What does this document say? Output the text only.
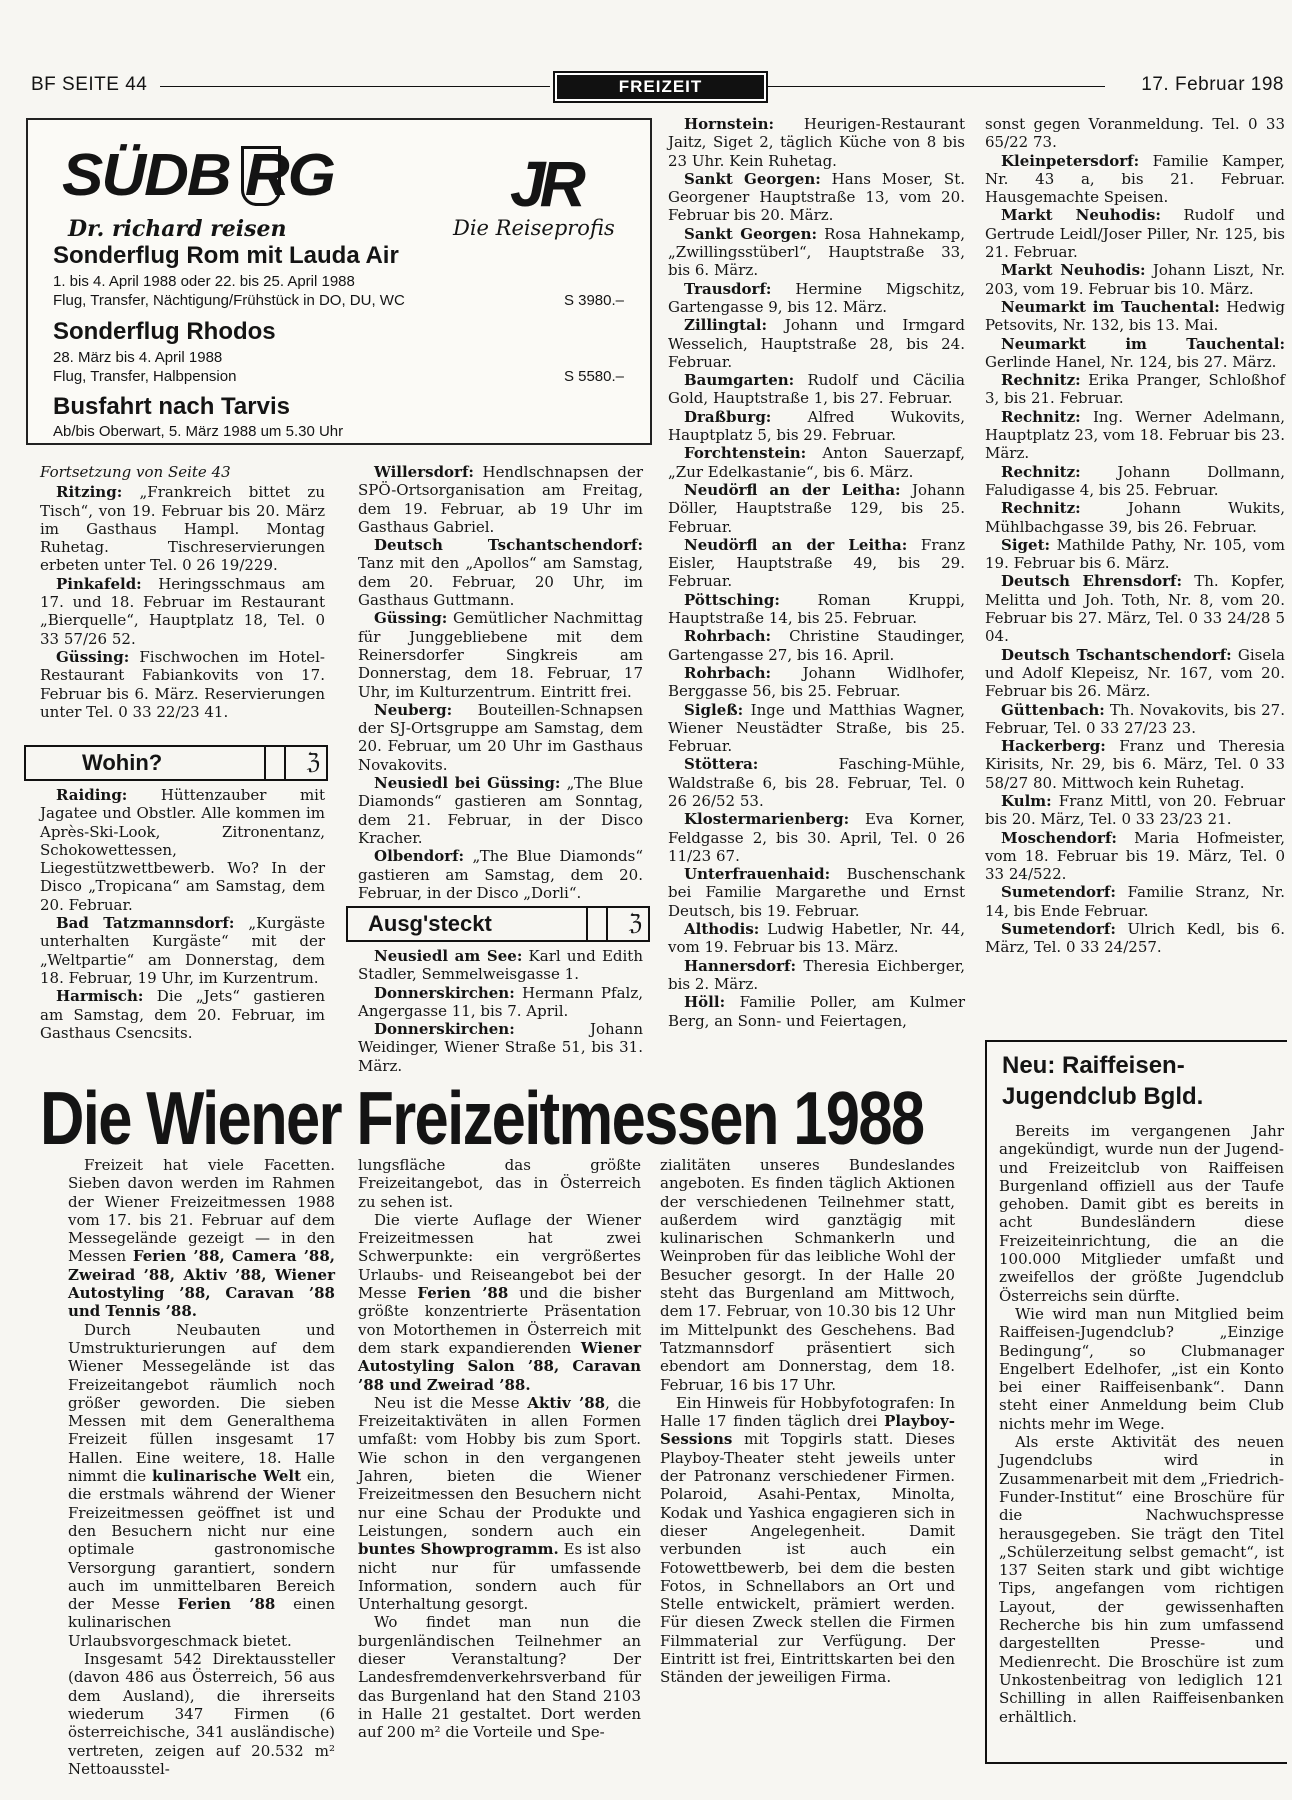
BF SEITE 44	FREIZEIT	17. Februar 198
SÜDB RG	JR
Dr. richard reisen	Die Reiseprofis
Sonderflug Rom mit Lauda Air
1. bis 4. April 1988 oder 22. bis 25. April 1988
Flug, Transfer, Nächtigung/Frühstück in DO, DU, WC	S 3980.–
Sonderflug Rhodos
28. März bis 4. April 1988
Flug, Transfer, Halbpension	S 5580.–
Busfahrt nach Tarvis
Ab/bis Oberwart, 5. März 1988 um 5.30 Uhr

Fortsetzung von Seite 43

Ritzing: „Frankreich bittet zu Tisch“, von 19. Februar bis 20. März im Gasthaus Hampl. Montag Ruhetag. Tischreservierungen erbeten unter Tel. 0 26 19/229.

Pinkafeld: Heringsschmaus am 17. und 18. Februar im Restaurant „Bierquelle“, Hauptplatz 18, Tel. 0 33 57/26 52.

Güssing: Fischwochen im Hotel-Restaurant Fabiankovits von 17. Februar bis 6. März. Reservierungen unter Tel. 0 33 22/23 41.

Wohin?	ℨ

Raiding: Hüttenzauber mit Jagatee und Obstler. Alle kommen im Après-Ski-Look, Zitronentanz, Schokowettessen, Liegestützwettbewerb. Wo? In der Disco „Tropicana“ am Samstag, dem 20. Februar.

Bad Tatzmannsdorf: „Kurgäste unterhalten Kurgäste“ mit der „Weltpartie“ am Donnerstag, dem 18. Februar, 19 Uhr, im Kurzentrum.

Harmisch: Die „Jets“ gastieren am Samstag, dem 20. Februar, im Gasthaus Csencsits.

Willersdorf: Hendlschnapsen der SPÖ-Ortsorganisation am Freitag, dem 19. Februar, ab 19 Uhr im Gasthaus Gabriel.

Deutsch Tschantschendorf: Tanz mit den „Apollos“ am Samstag, dem 20. Februar, 20 Uhr, im Gasthaus Guttmann.

Güssing: Gemütlicher Nachmittag für Junggebliebene mit dem Reinersdorfer Singkreis am Donnerstag, dem 18. Februar, 17 Uhr, im Kulturzentrum. Eintritt frei.

Neuberg: Bouteillen-Schnapsen der SJ-Ortsgruppe am Samstag, dem 20. Februar, um 20 Uhr im Gasthaus Novakovits.

Neusiedl bei Güssing: „The Blue Diamonds“ gastieren am Sonntag, dem 21. Februar, in der Disco Kracher.

Olbendorf: „The Blue Diamonds“ gastieren am Samstag, dem 20. Februar, in der Disco „Dorli“.

Ausg'steckt	ℨ

Neusiedl am See: Karl und Edith Stadler, Semmelweisgasse 1.

Donnerskirchen: Hermann Pfalz, Angergasse 11, bis 7. April.

Donnerskirchen: Johann Weidinger, Wiener Straße 51, bis 31. März.

Hornstein: Heurigen-Restaurant Jaitz, Siget 2, täglich Küche von 8 bis 23 Uhr. Kein Ruhetag.

Sankt Georgen: Hans Moser, St. Georgener Hauptstraße 13, vom 20. Februar bis 20. März.

Sankt Georgen: Rosa Hahnekamp, „Zwillingsstüberl“, Hauptstraße 33, bis 6. März.

Trausdorf: Hermine Migschitz, Gartengasse 9, bis 12. März.

Zillingtal: Johann und Irmgard Wesselich, Hauptstraße 28, bis 24. Februar.

Baumgarten: Rudolf und Cäcilia Gold, Hauptstraße 1, bis 27. Februar.

Draßburg: Alfred Wukovits, Hauptplatz 5, bis 29. Februar.

Forchtenstein: Anton Sauerzapf, „Zur Edelkastanie“, bis 6. März.

Neudörfl an der Leitha: Johann Döller, Hauptstraße 129, bis 25. Februar.

Neudörfl an der Leitha: Franz Eisler, Hauptstraße 49, bis 29. Februar.

Pöttsching: Roman Kruppi, Hauptstraße 14, bis 25. Februar.

Rohrbach: Christine Staudinger, Gartengasse 27, bis 16. April.

Rohrbach: Johann Widlhofer, Berggasse 56, bis 25. Februar.

Sigleß: Inge und Matthias Wagner, Wiener Neustädter Straße, bis 25. Februar.

Stöttera: Fasching-Mühle, Waldstraße 6, bis 28. Februar, Tel. 0 26 26/52 53.

Klostermarienberg: Eva Korner, Feldgasse 2, bis 30. April, Tel. 0 26 11/23 67.

Unterfrauenhaid: Buschenschank bei Familie Margarethe und Ernst Deutsch, bis 19. Februar.

Althodis: Ludwig Habetler, Nr. 44, vom 19. Februar bis 13. März.

Hannersdorf: Theresia Eichberger, bis 2. März.

Höll: Familie Poller, am Kulmer Berg, an Sonn- und Feiertagen,

sonst gegen Voranmeldung. Tel. 0 33 65/22 73.

Kleinpetersdorf: Familie Kamper, Nr. 43 a, bis 21. Februar. Hausgemachte Speisen.

Markt Neuhodis: Rudolf und Gertrude Leidl/Joser Piller, Nr. 125, bis 21. Februar.

Markt Neuhodis: Johann Liszt, Nr. 203, vom 19. Februar bis 10. März.

Neumarkt im Tauchental: Hedwig Petsovits, Nr. 132, bis 13. Mai.

Neumarkt im Tauchental: Gerlinde Hanel, Nr. 124, bis 27. März.

Rechnitz: Erika Pranger, Schloßhof 3, bis 21. Februar.

Rechnitz: Ing. Werner Adelmann, Hauptplatz 23, vom 18. Februar bis 23. März.

Rechnitz: Johann Dollmann, Faludigasse 4, bis 25. Februar.

Rechnitz: Johann Wukits, Mühlbachgasse 39, bis 26. Februar.

Siget: Mathilde Pathy, Nr. 105, vom 19. Februar bis 6. März.

Deutsch Ehrensdorf: Th. Kopfer, Melitta und Joh. Toth, Nr. 8, vom 20. Februar bis 27. März, Tel. 0 33 24/28 5 04.

Deutsch Tschantschendorf: Gisela und Adolf Klepeisz, Nr. 167, vom 20. Februar bis 26. März.

Güttenbach: Th. Novakovits, bis 27. Februar, Tel. 0 33 27/23 23.

Hackerberg: Franz und Theresia Kirisits, Nr. 29, bis 6. März, Tel. 0 33 58/27 80. Mittwoch kein Ruhetag.

Kulm: Franz Mittl, von 20. Februar bis 20. März, Tel. 0 33 23/23 21.

Moschendorf: Maria Hofmeister, vom 18. Februar bis 19. März, Tel. 0 33 24/522.

Sumetendorf: Familie Stranz, Nr. 14, bis Ende Februar.

Sumetendorf: Ulrich Kedl, bis 6. März, Tel. 0 33 24/257.

Die Wiener Freizeitmessen 1988

Freizeit hat viele Facetten. Sieben davon werden im Rahmen der Wiener Freizeitmessen 1988 vom 17. bis 21. Februar auf dem Messegelände gezeigt — in den Messen Ferien ’88, Camera ’88, Zweirad ’88, Aktiv ’88, Wiener Autostyling ’88, Caravan ’88 und Tennis ’88.

Durch Neubauten und Umstrukturierungen auf dem Wiener Messegelände ist das Freizeitangebot räumlich noch größer geworden. Die sieben Messen mit dem Generalthema Freizeit füllen insgesamt 17 Hallen. Eine weitere, 18. Halle nimmt die kulinarische Welt ein, die erstmals während der Wiener Freizeitmessen geöffnet ist und den Besuchern nicht nur eine optimale gastronomische Versorgung garantiert, sondern auch im unmittelbaren Bereich der Messe Ferien ’88 einen kulinarischen Urlaubsvorgeschmack bietet.

Insgesamt 542 Direktaussteller (davon 486 aus Österreich, 56 aus dem Ausland), die ihrerseits wiederum 347 Firmen (6 österreichische, 341 ausländische) vertreten, zeigen auf 20.532 m² Nettoausstel-

lungsfläche das größte Freizeitangebot, das in Österreich zu sehen ist.

Die vierte Auflage der Wiener Freizeitmessen hat zwei Schwerpunkte: ein vergrößertes Urlaubs- und Reiseangebot bei der Messe Ferien ’88 und die bisher größte konzentrierte Präsentation von Motorthemen in Österreich mit dem stark expandierenden Wiener Autostyling Salon ’88, Caravan ’88 und Zweirad ’88.

Neu ist die Messe Aktiv ’88, die Freizeitaktiväten in allen Formen umfaßt: vom Hobby bis zum Sport. Wie schon in den vergangenen Jahren, bieten die Wiener Freizeitmessen den Besuchern nicht nur eine Schau der Produkte und Leistungen, sondern auch ein buntes Showprogramm. Es ist also nicht nur für umfassende Information, sondern auch für Unterhaltung gesorgt.

Wo findet man nun die burgenländischen Teilnehmer an dieser Veranstaltung? Der Landesfremdenverkehrsverband für das Burgenland hat den Stand 2103 in Halle 21 gestaltet. Dort werden auf 200 m² die Vorteile und Spe-

zialitäten unseres Bundeslandes angeboten. Es finden täglich Aktionen der verschiedenen Teilnehmer statt, außerdem wird ganztägig mit kulinarischen Schmankerln und Weinproben für das leibliche Wohl der Besucher gesorgt. In der Halle 20 steht das Burgenland am Mittwoch, dem 17. Februar, von 10.30 bis 12 Uhr im Mittelpunkt des Geschehens. Bad Tatzmannsdorf präsentiert sich ebendort am Donnerstag, dem 18. Februar, 16 bis 17 Uhr.

Ein Hinweis für Hobbyfotografen: In Halle 17 finden täglich drei Playboy-Sessions mit Topgirls statt. Dieses Playboy-Theater steht jeweils unter der Patronanz verschiedener Firmen. Polaroid, Asahi-Pentax, Minolta, Kodak und Yashica engagieren sich in dieser Angelegenheit. Damit verbunden ist auch ein Fotowettbewerb, bei dem die besten Fotos, in Schnellabors an Ort und Stelle entwickelt, prämiert werden. Für diesen Zweck stellen die Firmen Filmmaterial zur Verfügung. Der Eintritt ist frei, Eintrittskarten bei den Ständen der jeweiligen Firma.

Neu: Raiffeisen-
Jugendclub Bgld.

Bereits im vergangenen Jahr angekündigt, wurde nun der Jugend- und Freizeitclub von Raiffeisen Burgenland offiziell aus der Taufe gehoben. Damit gibt es bereits in acht Bundesländern diese Freizeiteinrichtung, die an die 100.000 Mitglieder umfaßt und zweifellos der größte Jugendclub Österreichs sein dürfte.

Wie wird man nun Mitglied beim Raiffeisen-Jugendclub? „Einzige Bedingung“, so Clubmanager Engelbert Edelhofer, „ist ein Konto bei einer Raiffeisenbank“. Dann steht einer Anmeldung beim Club nichts mehr im Wege.

Als erste Aktivität des neuen Jugendclubs wird in Zusammenarbeit mit dem „Friedrich-Funder-Institut“ eine Broschüre für die Nachwuchspresse herausgegeben. Sie trägt den Titel „Schülerzeitung selbst gemacht“, ist 137 Seiten stark und gibt wichtige Tips, angefangen vom richtigen Layout, der gewissenhaften Recherche bis hin zum umfassend dargestellten Presse- und Medienrecht. Die Broschüre ist zum Unkostenbeitrag von lediglich 121 Schilling in allen Raiffeisenbanken erhältlich.
